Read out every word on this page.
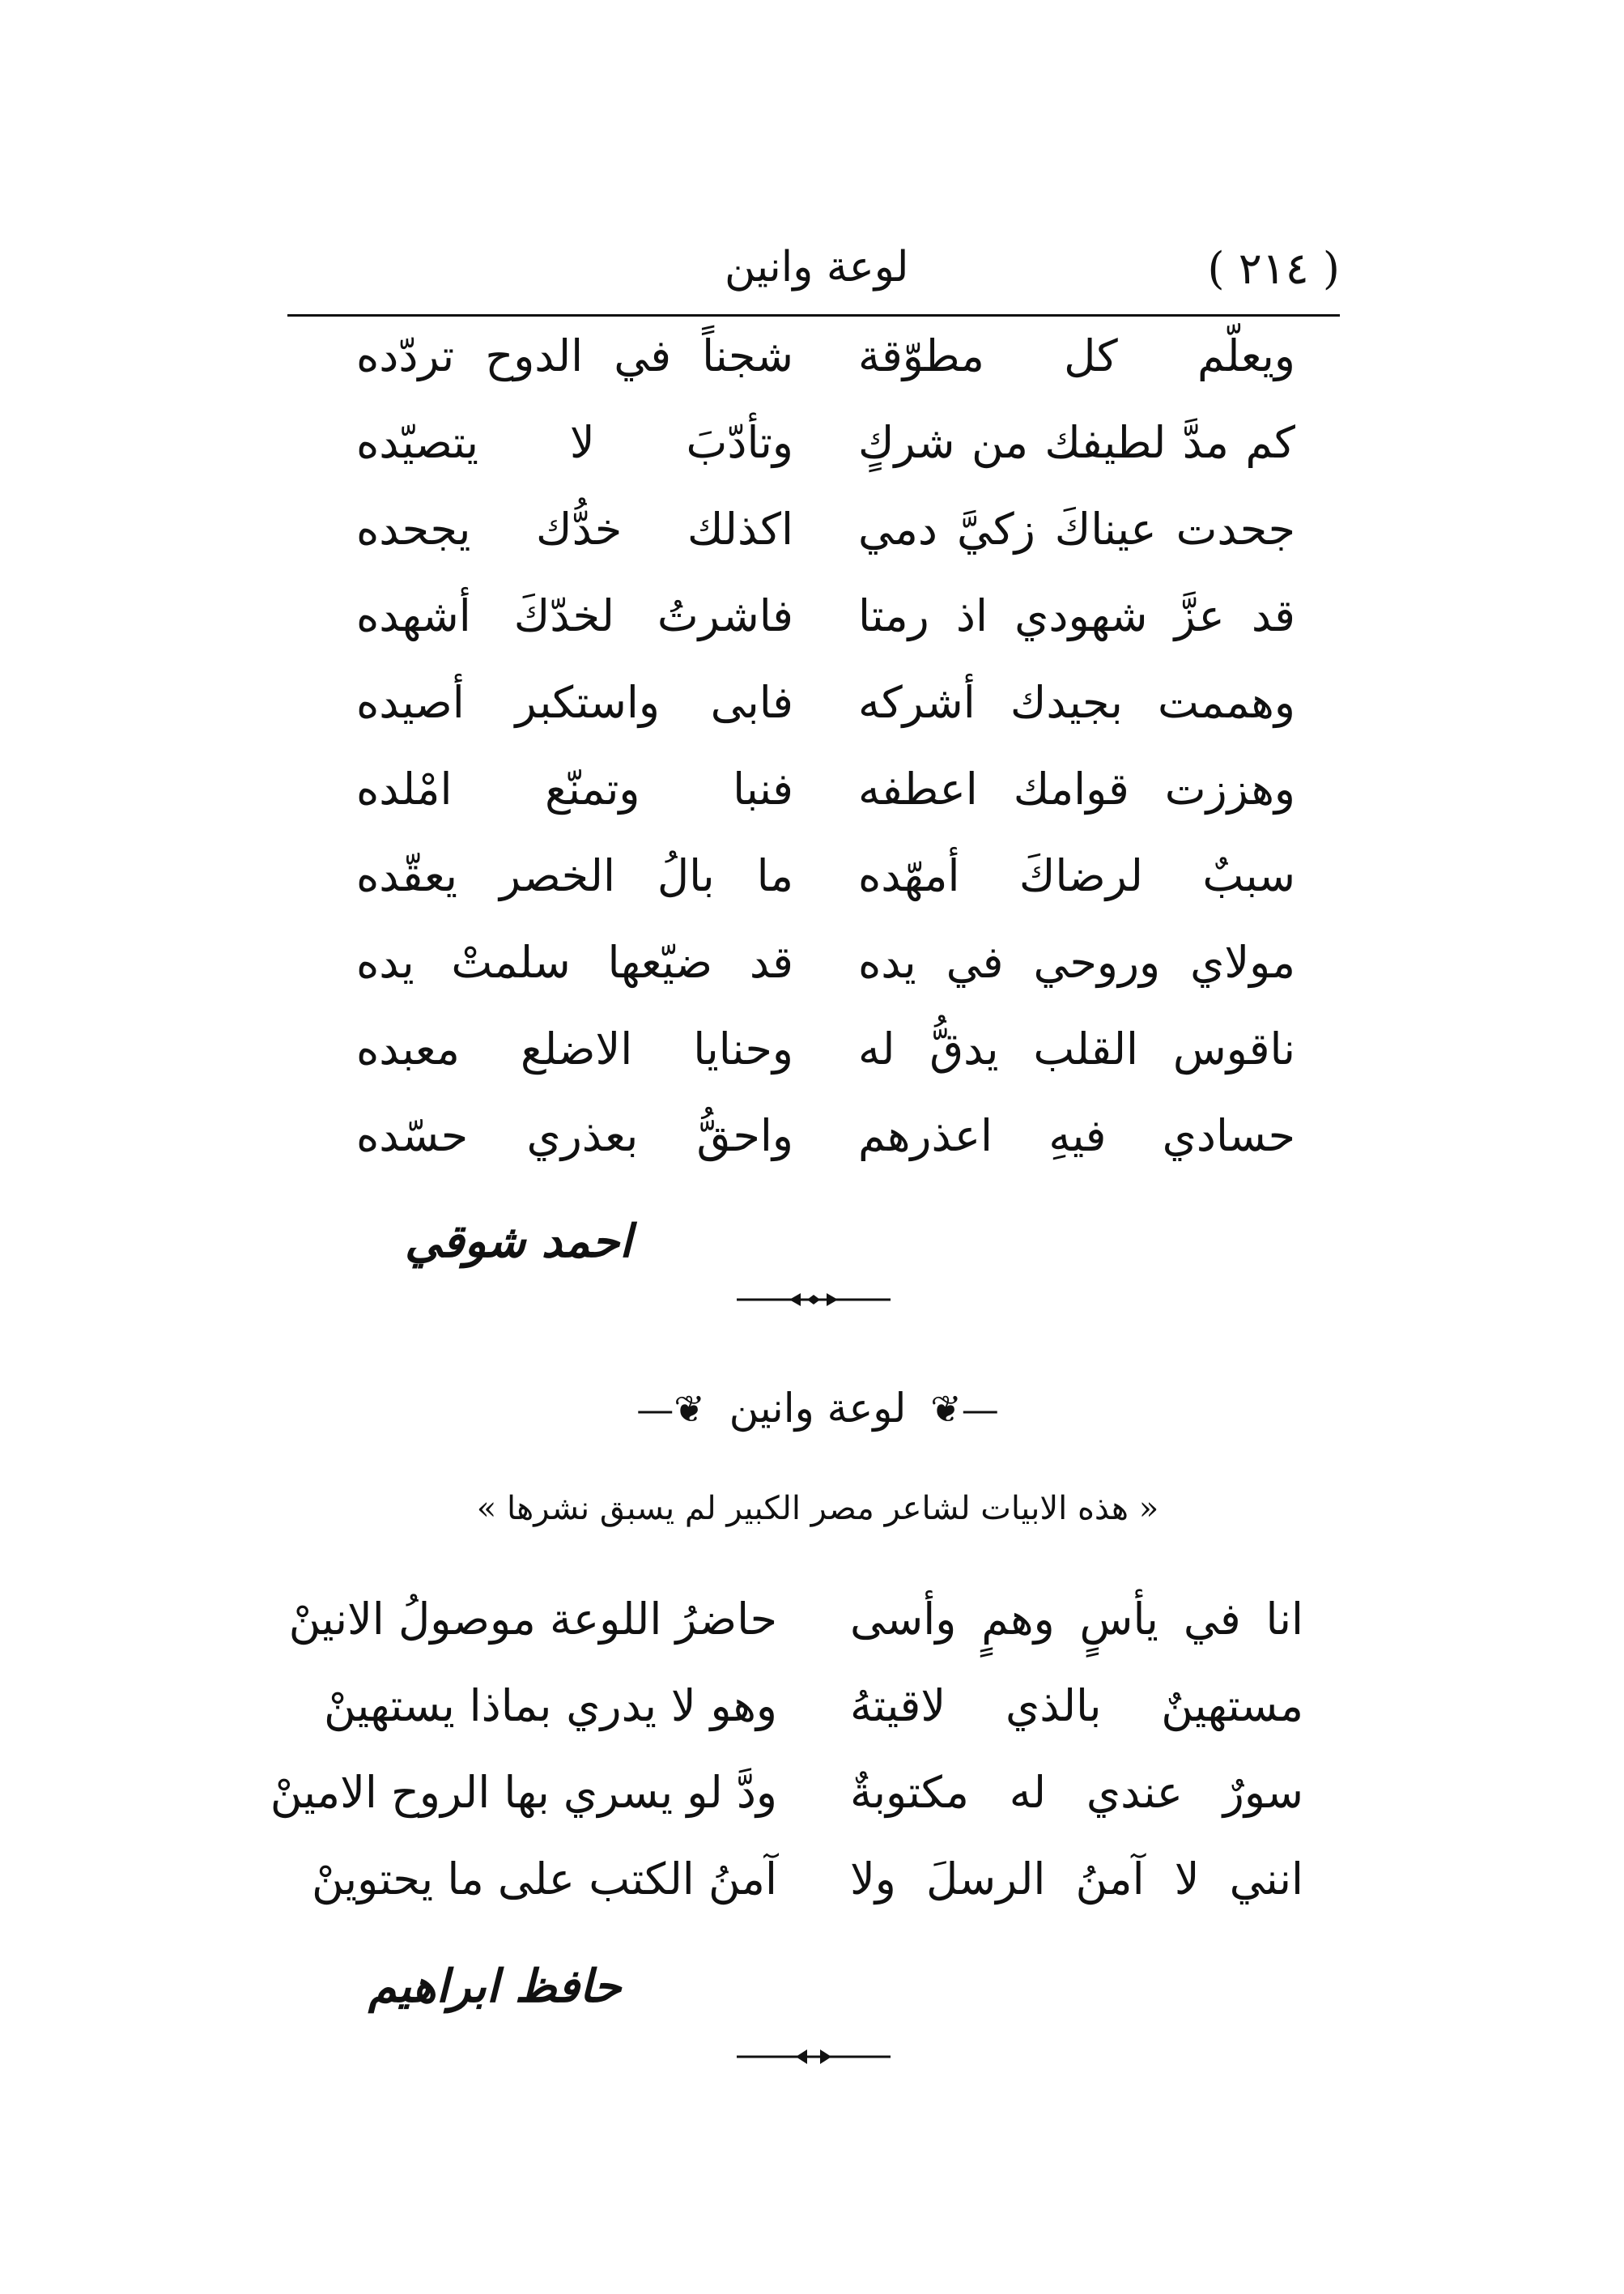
لوعة وانين	( ٢١٤ )
ويعلّم كل مطوّقة
شجناً في الدوح تردّده
كم مدَّ لطيفك من شركٍ
وتأدّبَ لا يتصيّده
جحدت عيناكَ زكيَّ دمي
اكذلك خدُّك يجحده
قد عزَّ شهودي اذ رمتا
فاشرتُ لخدّكَ أشهده
وهممت بجيدك أشركه
فابى واستكبر أصيده
وهززت قوامك اعطفه
فنبا وتمنّع امْلده
سببٌ لرضاكَ أمهّده
ما بالُ الخصر يعقّده
مولاي وروحي في يده
قد ضيّعها سلمتْ يده
ناقوس القلب يدقُّ له
وحنايا الاضلع معبده
حسادي فيهِ اعذرهم
واحقُّ بعذري حسّده
احمد شوقي
—❦ لوعة وانين ❦—
« هذه الابيات لشاعر مصر الكبير لم يسبق نشرها »
انا في يأسٍ وهمٍ وأسى
حاضرُ اللوعة موصولُ الانينْ
مستهينٌ بالذي لاقيتهُ
وهو لا يدري بماذا يستهينْ
سورٌ عندي له مكتوبةٌ
ودَّ لو يسري بها الروح الامينْ
انني لا آمنُ الرسلَ ولا
آمنُ الكتب على ما يحتوينْ
حافظ ابراهيم
